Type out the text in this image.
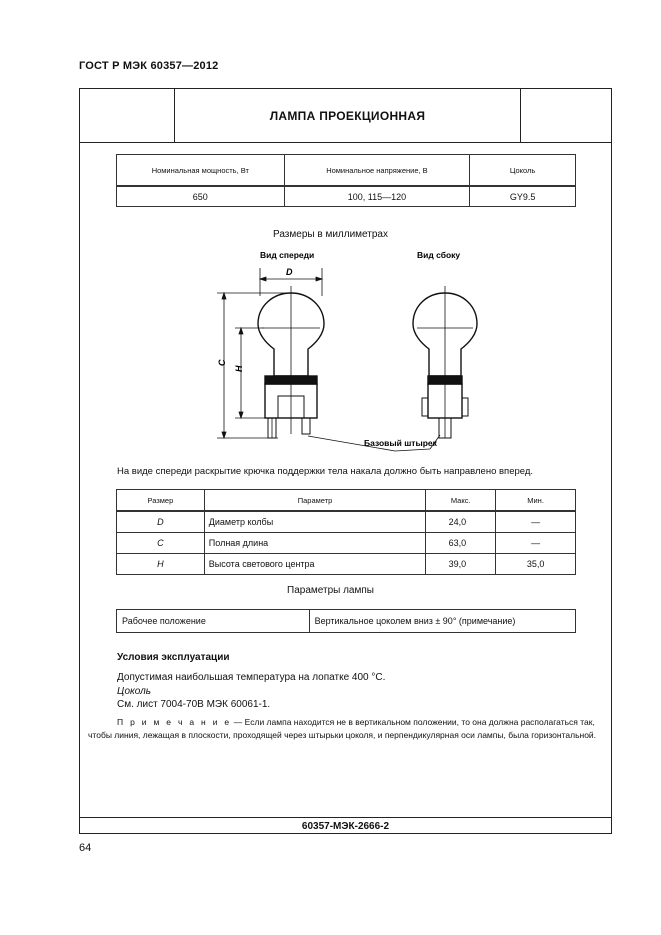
ГОСТ Р МЭК 60357—2012
ЛАМПА ПРОЕКЦИОННАЯ
Номинальная мощность, Вт	Номинальное напряжение, В	Цоколь
650	100, 115—120	GY9.5
Размеры в миллиметрах
Вид спереди	Вид сбоку
D
C
H
Базовый штырек
На виде спереди раскрытие крючка поддержки тела накала должно быть направлено вперед.
Размер	Параметр	Макс.	Мин.
D	Диаметр колбы	24,0	—
C	Полная длина	63,0	—
H	Высота светового центра	39,0	35,0
Параметры лампы
Рабочее положение	Вертикальное цоколем вниз ± 90° (примечание)
Условия эксплуатации
Допустимая наибольшая температура на лопатке 400 °С.
Цоколь
См. лист 7004-70В МЭК 60061-1.
П р и м е ч а н и е — Если лампа находится не в вертикальном положении, то она должна располагаться так, чтобы линия, лежащая в плоскости, проходящей через штырьки цоколя, и перпендикулярная оси лампы, была горизонтальной.
60357-МЭК-2666-2
64
